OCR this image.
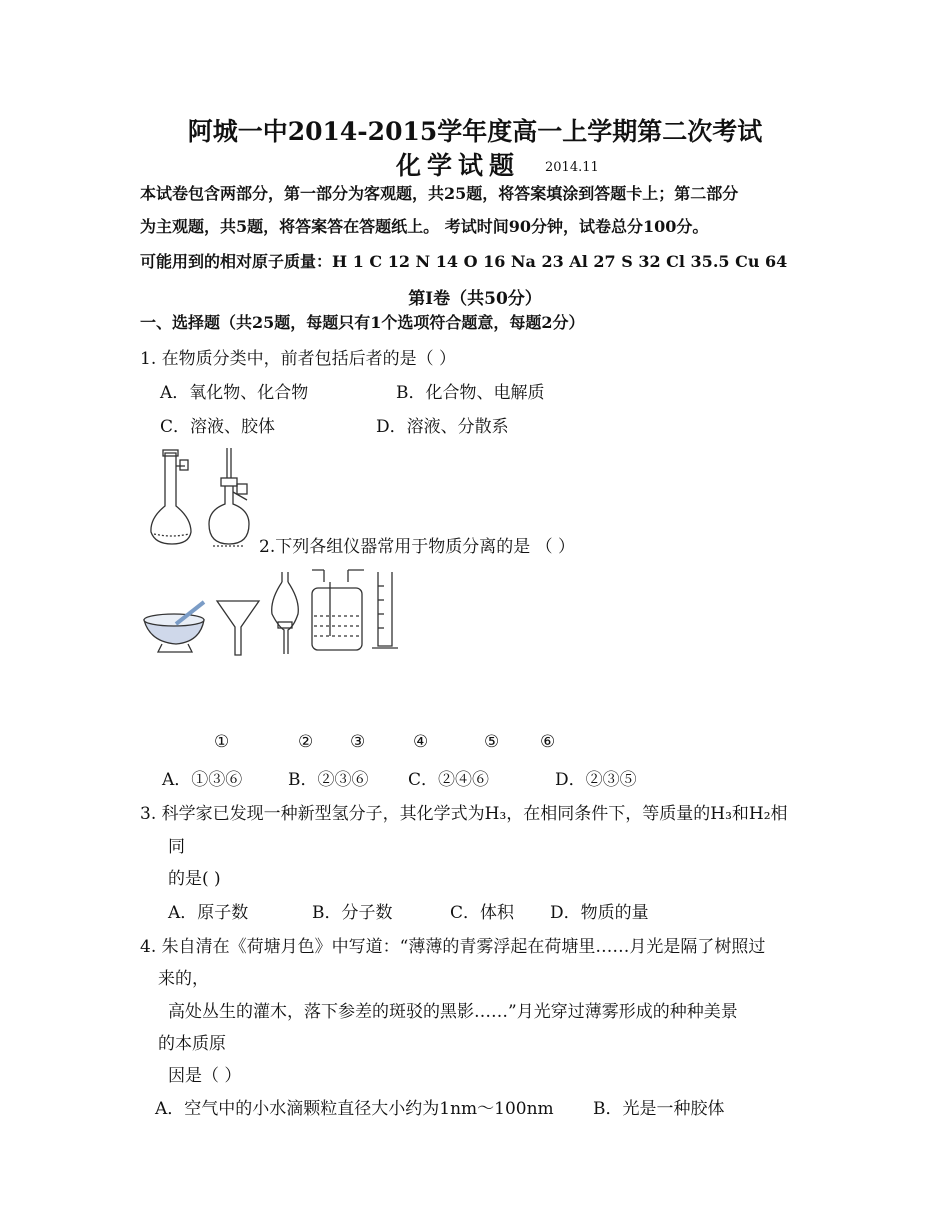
阿城一中2014-2015学年度高一上学期第二次考试
化学试题 2014.11
本试卷包含两部分，第一部分为客观题，共25题，将答案填涂到答题卡上；第二部分
为主观题，共5题，将答案答在答题纸上。 考试时间90分钟，试卷总分100分。
可能用到的相对原子质量：H 1 C 12 N 14 O 16 Na 23 Al 27 S 32 Cl 35.5 Cu 64
第Ⅰ卷（共50分）
一、选择题（共25题，每题只有1个选项符合题意，每题2分）
1. 在物质分类中，前者包括后者的是（ ）
A．氧化物、化合物	B．化合物、电解质
C．溶液、胶体	D．溶液、分散系
2.下列各组仪器常用于物质分离的是 （ ）
①	② ③	④	⑤ ⑥
A．①③⑥	B．②③⑥ C．②④⑥	D．②③⑤
3. 科学家已发现一种新型氢分子，其化学式为H₃，在相同条件下，等质量的H₃和H₂相
同
的是( )
A．原子数	B．分子数	C．体积 D．物质的量
4. 朱自清在《荷塘月色》中写道：“薄薄的青雾浮起在荷塘里……月光是隔了树照过
来的，
高处丛生的灌木，落下参差的斑驳的黑影……”月光穿过薄雾形成的种种美景
的本质原
因是（ ）
A．空气中的小水滴颗粒直径大小约为1nm～100nm B．光是一种胶体
